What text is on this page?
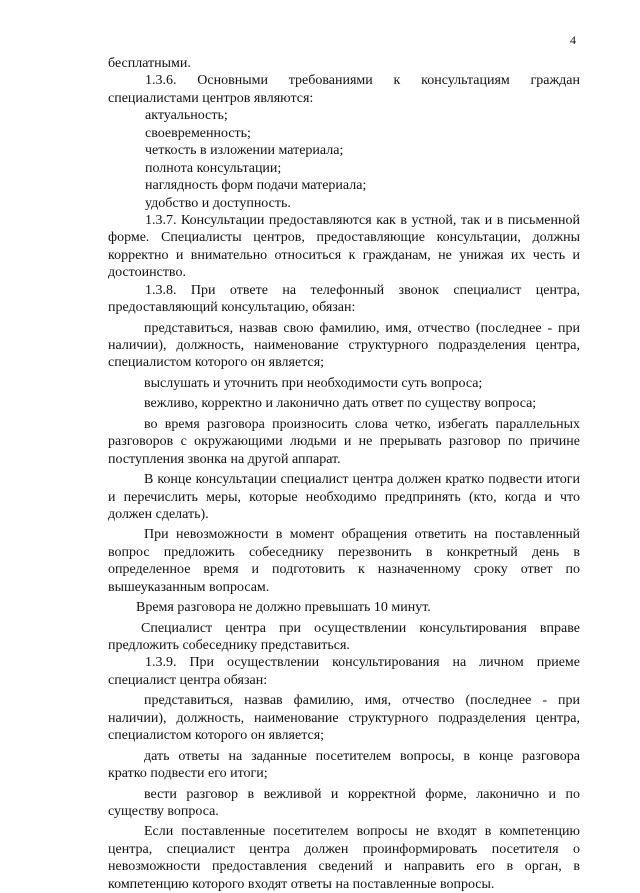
4
бесплатными.
1.3.6. Основными требованиями к консультациям граждан
специалистами центров являются:
актуальность;
своевременность;
четкость в изложении материала;
полнота консультации;
наглядность форм подачи материала;
удобство и доступность.
1.3.7. Консультации предоставляются как в устной, так и в письменной
форме. Специалисты центров, предоставляющие консультации, должны
корректно и внимательно относиться к гражданам, не унижая их честь и
достоинство.
1.3.8. При ответе на телефонный звонок специалист центра,
предоставляющий консультацию, обязан:
представиться, назвав свою фамилию, имя, отчество (последнее - при
наличии), должность, наименование структурного подразделения центра,
специалистом которого он является;
выслушать и уточнить при необходимости суть вопроса;
вежливо, корректно и лаконично дать ответ по существу вопроса;
во время разговора произносить слова четко, избегать параллельных
разговоров с окружающими людьми и не прерывать разговор по причине
поступления звонка на другой аппарат.
В конце консультации специалист центра должен кратко подвести итоги
и перечислить меры, которые необходимо предпринять (кто, когда и что
должен сделать).
При невозможности в момент обращения ответить на поставленный
вопрос предложить собеседнику перезвонить в конкретный день в
определенное время и подготовить к назначенному сроку ответ по
вышеуказанным вопросам.
Время разговора не должно превышать 10 минут.
Специалист центра при осуществлении консультирования вправе
предложить собеседнику представиться.
1.3.9. При осуществлении консультирования на личном приеме
специалист центра обязан:
представиться, назвав фамилию, имя, отчество (последнее - при
наличии), должность, наименование структурного подразделения центра,
специалистом которого он является;
дать ответы на заданные посетителем вопросы, в конце разговора
кратко подвести его итоги;
вести разговор в вежливой и корректной форме, лаконично и по
существу вопроса.
Если поставленные посетителем вопросы не входят в компетенцию
центра, специалист центра должен проинформировать посетителя о
невозможности предоставления сведений и направить его в орган, в
компетенцию которого входят ответы на поставленные вопросы.
